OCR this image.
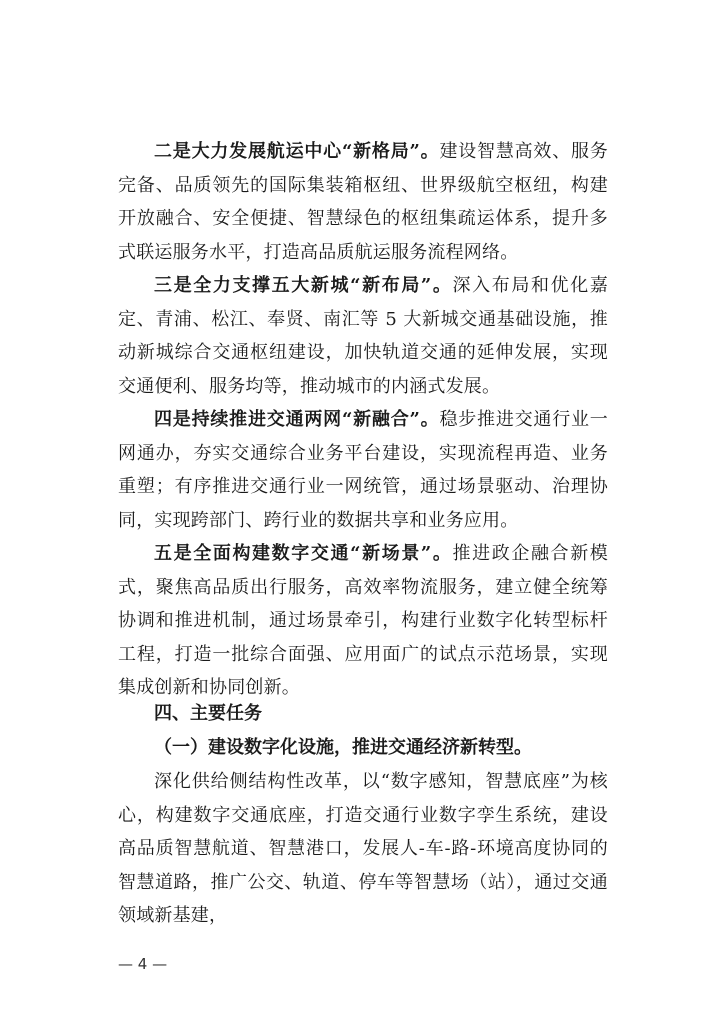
二是大力发展航运中心“新格局”。建设智慧高效、服务完备、品质领先的国际集装箱枢纽、世界级航空枢纽，构建开放融合、安全便捷、智慧绿色的枢纽集疏运体系，提升多式联运服务水平，打造高品质航运服务流程网络。

三是全力支撑五大新城“新布局”。深入布局和优化嘉定、青浦、松江、奉贤、南汇等 5 大新城交通基础设施，推动新城综合交通枢纽建设，加快轨道交通的延伸发展，实现交通便利、服务均等，推动城市的内涵式发展。

四是持续推进交通两网“新融合”。稳步推进交通行业一网通办，夯实交通综合业务平台建设，实现流程再造、业务重塑；有序推进交通行业一网统管，通过场景驱动、治理协同，实现跨部门、跨行业的数据共享和业务应用。

五是全面构建数字交通“新场景”。推进政企融合新模式，聚焦高品质出行服务，高效率物流服务，建立健全统筹协调和推进机制，通过场景牵引，构建行业数字化转型标杆工程，打造一批综合面强、应用面广的试点示范场景，实现集成创新和协同创新。

四、主要任务

（一）建设数字化设施，推进交通经济新转型。

深化供给侧结构性改革，以“数字感知，智慧底座”为核心，构建数字交通底座，打造交通行业数字孪生系统，建设高品质智慧航道、智慧港口，发展人-车-路-环境高度协同的智慧道路，推广公交、轨道、停车等智慧场（站），通过交通领域新基建，

— 4 —
